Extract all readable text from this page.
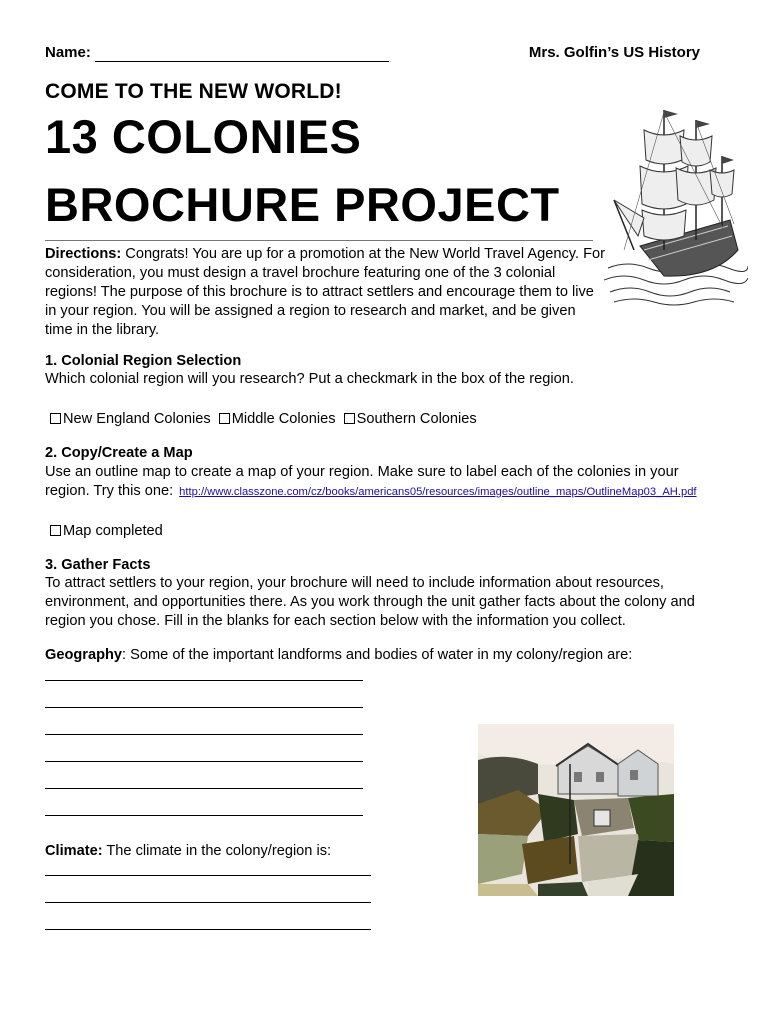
Name:	Mrs. Golfin’s US History
COME TO THE NEW WORLD!
13 COLONIES
BROCHURE PROJECT
Directions: Congrats! You are up for a promotion at the New World Travel Agency. For consideration, you must design a travel brochure featuring one of the 3 colonial regions! The purpose of this brochure is to attract settlers and encourage them to live in your region. You will be assigned a region to research and market, and be given time in the library.
1. Colonial Region Selection
Which colonial region will you research? Put a checkmark in the box of the region.
New England Colonies Middle Colonies Southern Colonies
2. Copy/Create a Map
Use an outline map to create a map of your region. Make sure to label each of the colonies in your region. Try this one: http://www.classzone.com/cz/books/americans05/resources/images/outline_maps/OutlineMap03_AH.pdf
Map completed
3. Gather Facts
To attract settlers to your region, your brochure will need to include information about resources, environment, and opportunities there. As you work through the unit gather facts about the colony and region you chose. Fill in the blanks for each section below with the information you collect.
Geography: Some of the important landforms and bodies of water in my colony/region are:
Climate: The climate in the colony/region is:
